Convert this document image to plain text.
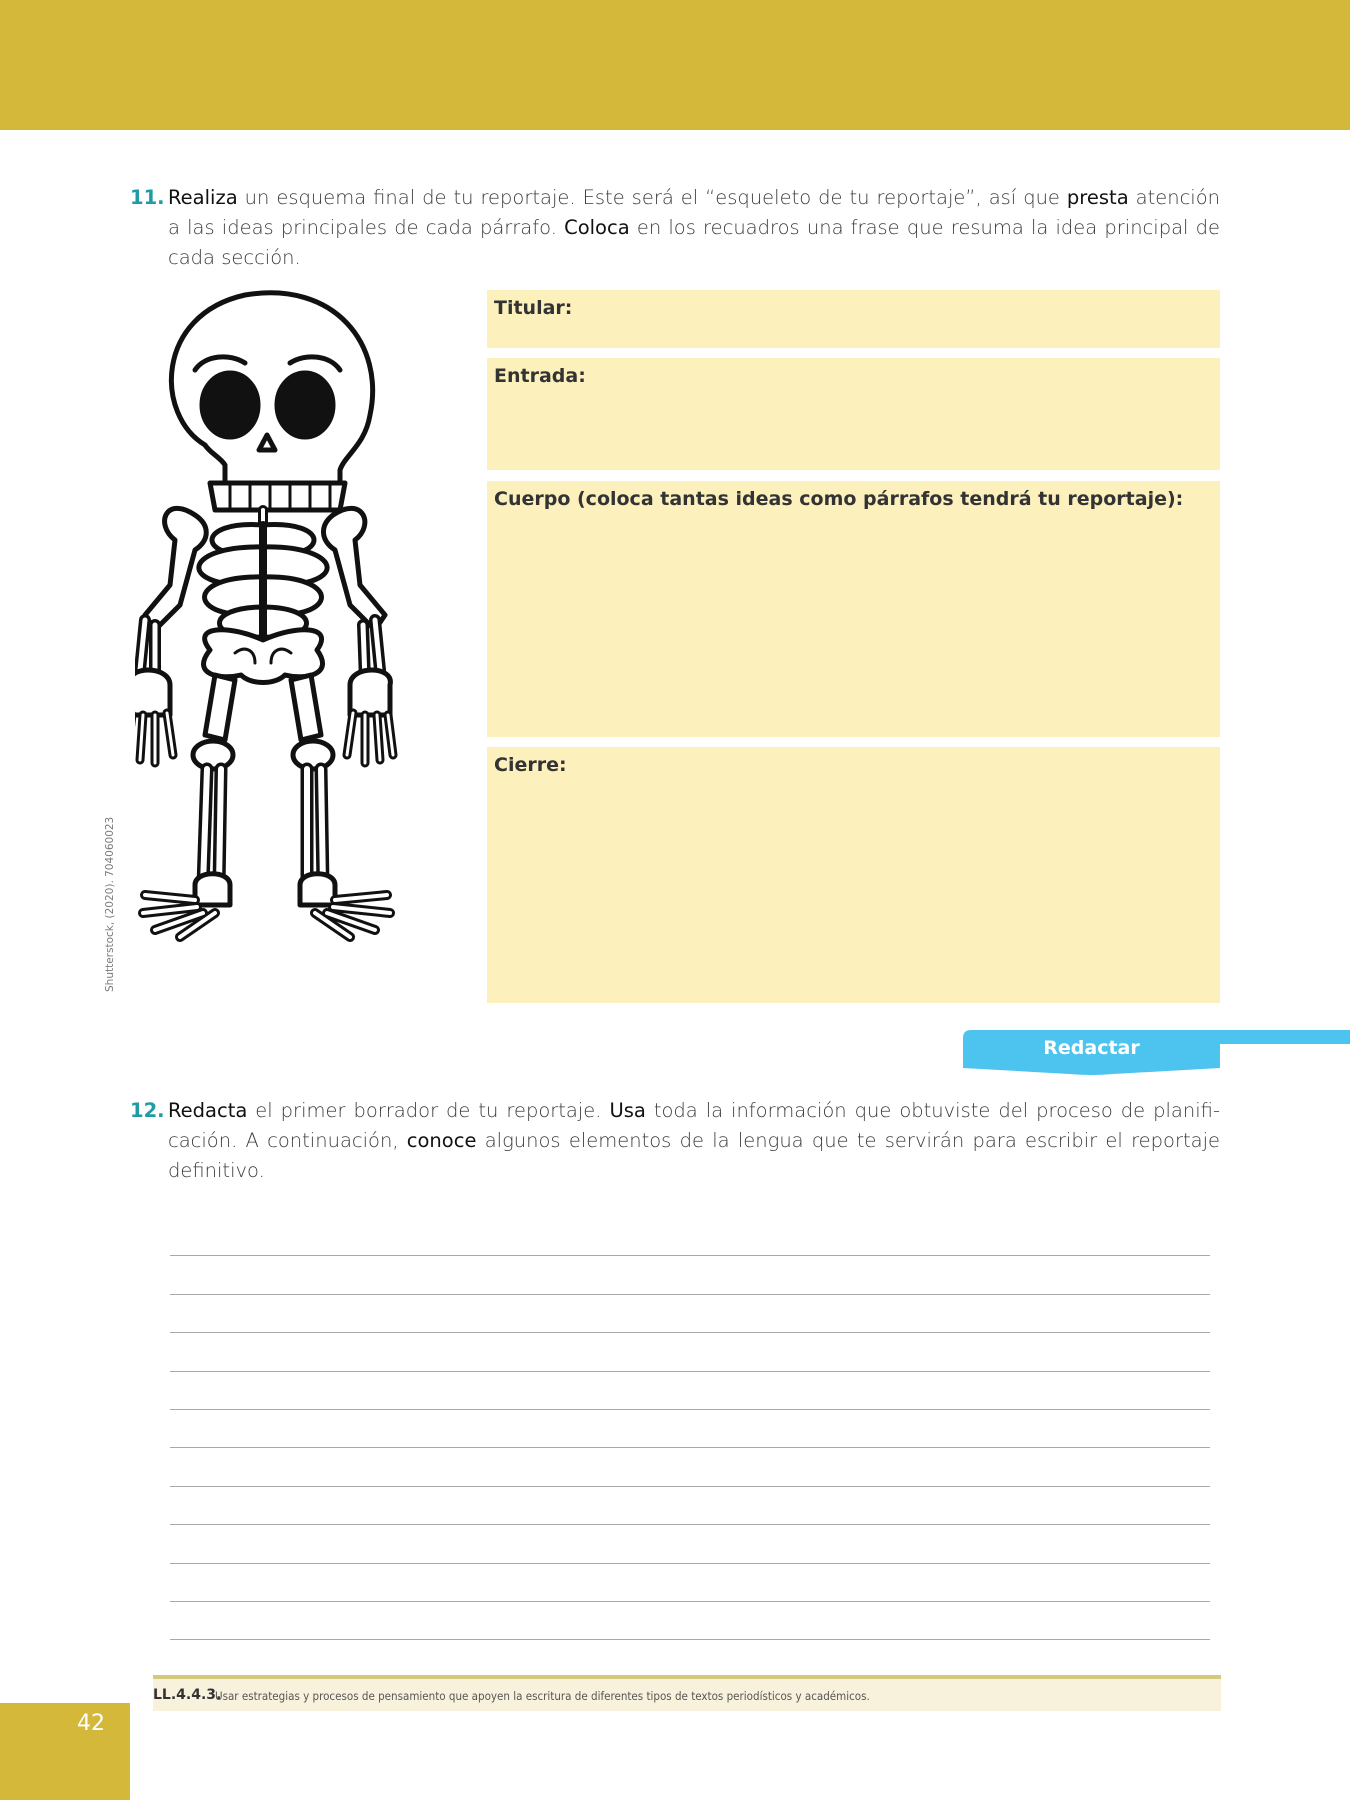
11. Realiza un esquema final de tu reportaje. Este será el “esqueleto de tu reportaje”, así que presta atención a las ideas principales de cada párrafo. Coloca en los recuadros una frase que resuma la idea principal de cada sección.
Shutterstock, (2020). 704060023
Titular:
Entrada:
Cuerpo (coloca tantas ideas como párrafos tendrá tu reportaje):
Cierre:
Redactar
12. Redacta el primer borrador de tu reportaje. Usa toda la información que obtuviste del proceso de planificación. A continuación, conoce algunos elementos de la lengua que te servirán para escribir el reportaje definitivo.
LL.4.4.3.
Usar estrategias y procesos de pensamiento que apoyen la escritura de diferentes tipos de textos periodísticos y académicos.
42
